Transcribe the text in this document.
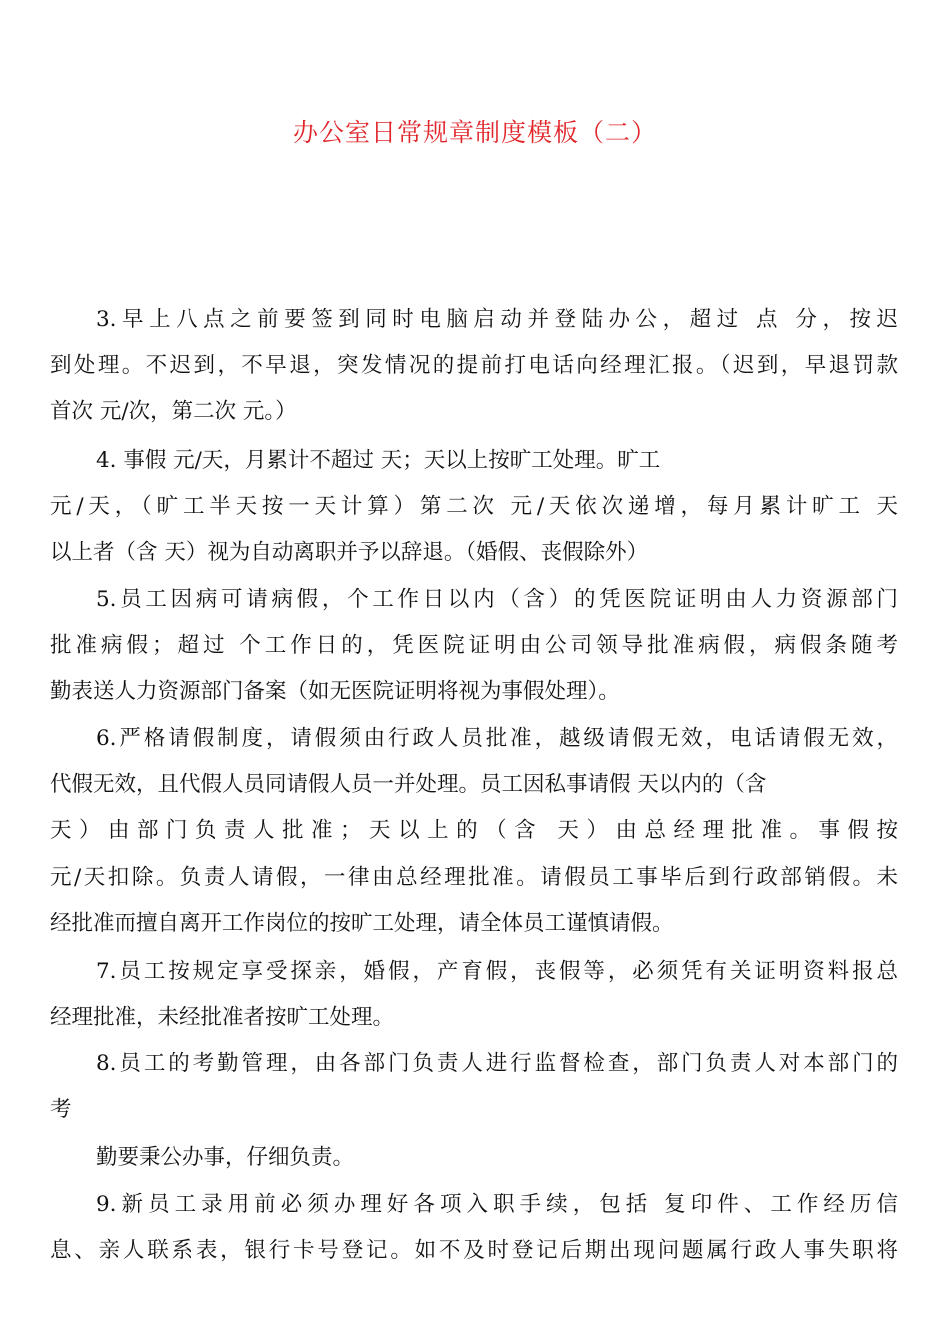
办公室日常规章制度模板（二）
3.早上八点之前要签到同时电脑启动并登陆办公，超过 点 分，按迟
到处理。不迟到，不早退，突发情况的提前打电话向经理汇报。（迟到，早退罚款
首次 元/次，第二次 元。）
4. 事假 元/天，月累计不超过 天；天以上按旷工处理。旷工
元/天，（旷工半天按一天计算）第二次 元/天依次递增，每月累计旷工 天
以上者（含 天）视为自动离职并予以辞退。（婚假、丧假除外）
5.员工因病可请病假，个工作日以内（含）的凭医院证明由人力资源部门
批准病假；超过 个工作日的，凭医院证明由公司领导批准病假，病假条随考
勤表送人力资源部门备案（如无医院证明将视为事假处理）。
6.严格请假制度，请假须由行政人员批准，越级请假无效，电话请假无效，
代假无效，且代假人员同请假人员一并处理。员工因私事请假 天以内的（含
天）由部门负责人批准；天以上的（含 天）由总经理批准。事假按
元/天扣除。负责人请假，一律由总经理批准。请假员工事毕后到行政部销假。未
经批准而擅自离开工作岗位的按旷工处理，请全体员工谨慎请假。
7.员工按规定享受探亲，婚假，产育假，丧假等，必须凭有关证明资料报总
经理批准，未经批准者按旷工处理。
8.员工的考勤管理，由各部门负责人进行监督检查，部门负责人对本部门的
考
勤要秉公办事，仔细负责。
9.新员工录用前必须办理好各项入职手续，包括 复印件、工作经历信
息、亲人联系表，银行卡号登记。如不及时登记后期出现问题属行政人事失职将
